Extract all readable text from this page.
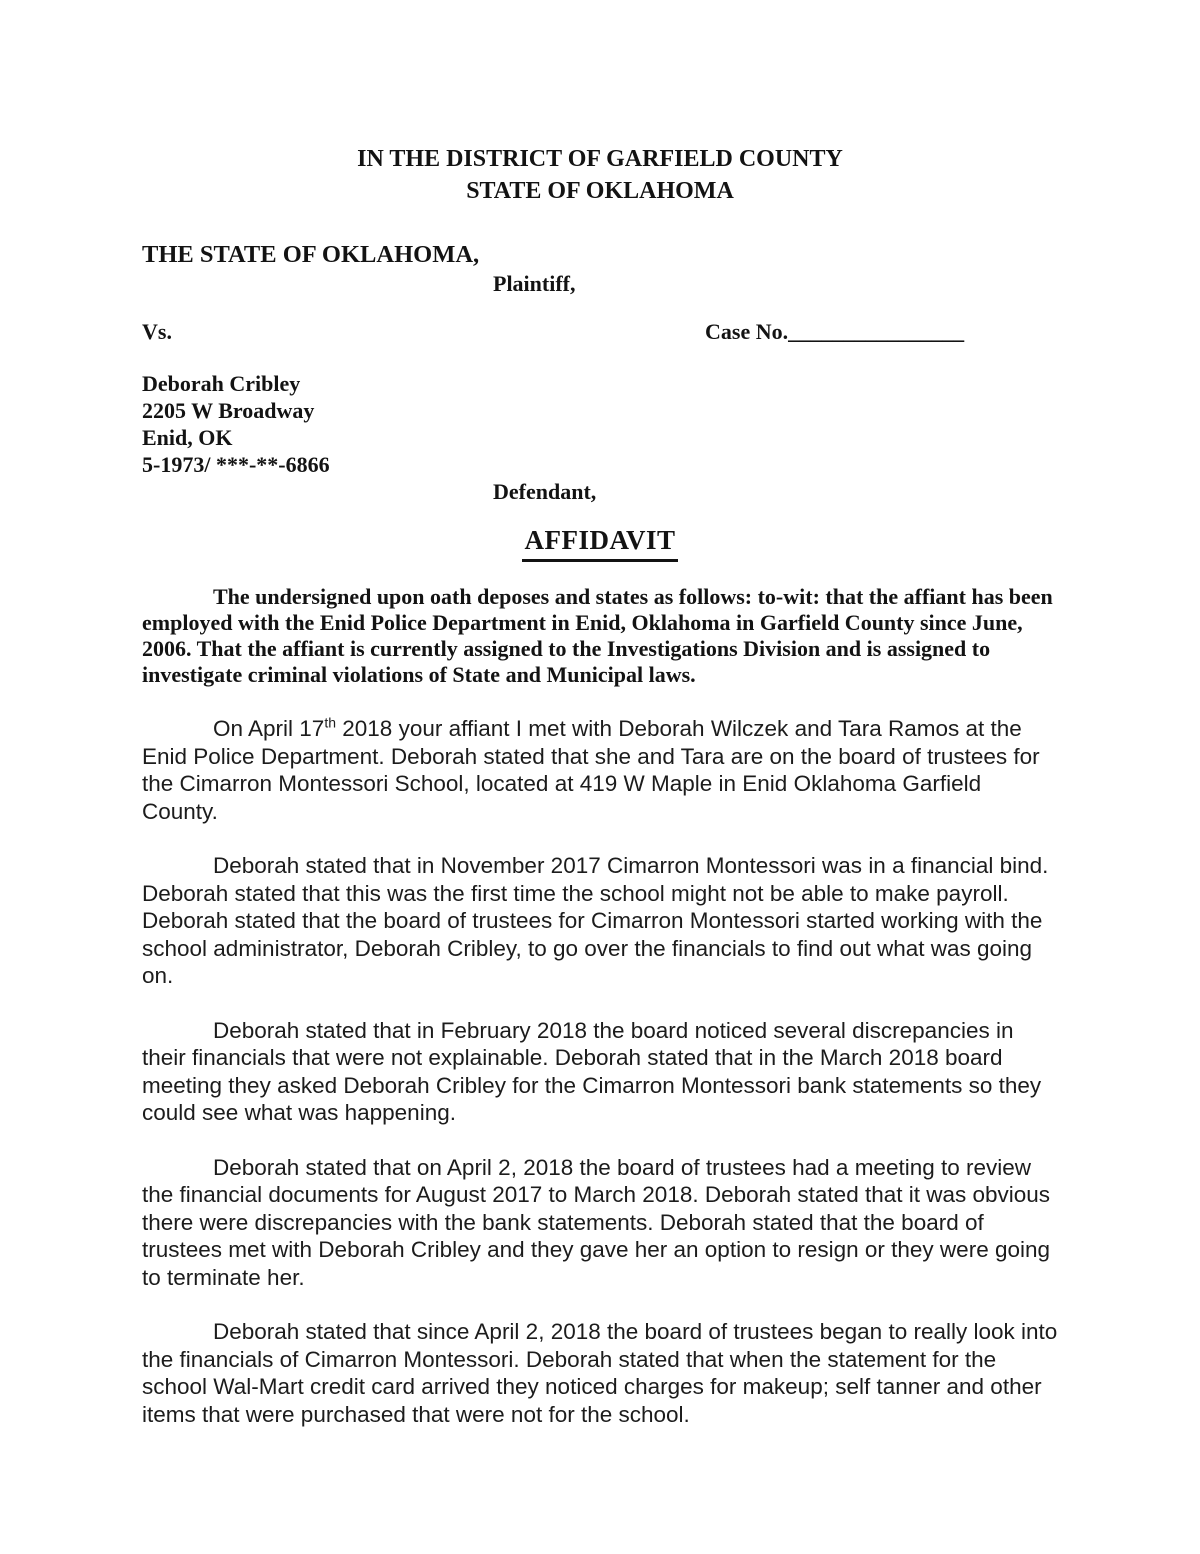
IN THE DISTRICT OF GARFIELD COUNTY
STATE OF OKLAHOMA
THE STATE OF OKLAHOMA,
Plaintiff,
Vs.	Case No.________________
Deborah Cribley
2205 W Broadway
Enid, OK
5-1973/ ***-**-6866
Defendant,
AFFIDAVIT

The undersigned upon oath deposes and states as follows: to-wit: that the affiant has been employed with the Enid Police Department in Enid, Oklahoma in Garfield County since June, 2006. That the affiant is currently assigned to the Investigations Division and is assigned to investigate criminal violations of State and Municipal laws.

On April 17th 2018 your affiant I met with Deborah Wilczek and Tara Ramos at the Enid Police Department. Deborah stated that she and Tara are on the board of trustees for the Cimarron Montessori School, located at 419 W Maple in Enid Oklahoma Garfield County.

Deborah stated that in November 2017 Cimarron Montessori was in a financial bind. Deborah stated that this was the first time the school might not be able to make payroll. Deborah stated that the board of trustees for Cimarron Montessori started working with the school administrator, Deborah Cribley, to go over the financials to find out what was going on.

Deborah stated that in February 2018 the board noticed several discrepancies in their financials that were not explainable. Deborah stated that in the March 2018 board meeting they asked Deborah Cribley for the Cimarron Montessori bank statements so they could see what was happening.

Deborah stated that on April 2, 2018 the board of trustees had a meeting to review the financial documents for August 2017 to March 2018. Deborah stated that it was obvious there were discrepancies with the bank statements. Deborah stated that the board of trustees met with Deborah Cribley and they gave her an option to resign or they were going to terminate her.

Deborah stated that since April 2, 2018 the board of trustees began to really look into the financials of Cimarron Montessori. Deborah stated that when the statement for the school Wal-Mart credit card arrived they noticed charges for makeup; self tanner and other items that were purchased that were not for the school.
